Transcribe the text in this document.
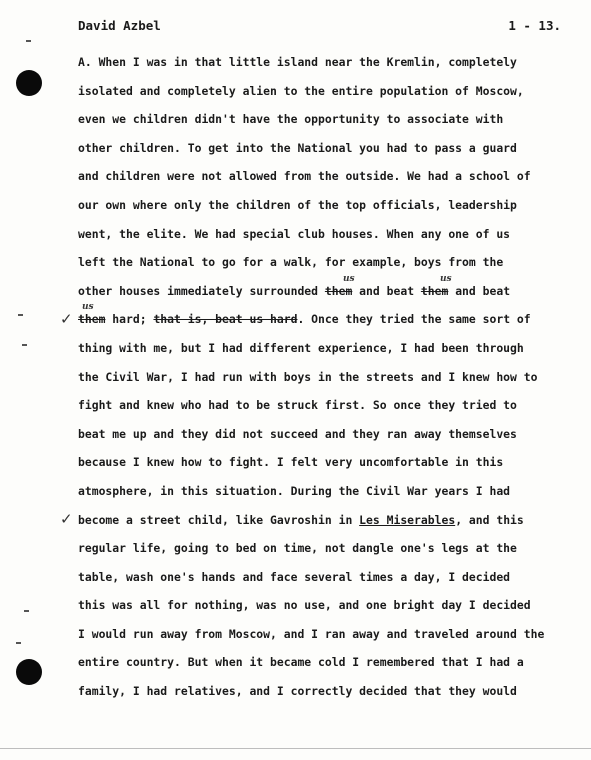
David Azbel	1 - 13.
✓
✓
A. When I was in that little island near the Kremlin, completely
isolated and completely alien to the entire population of Moscow,
even we children didn't have the opportunity to associate with
other children. To get into the National you had to pass a guard
and children were not allowed from the outside. We had a school of
our own where only the children of the top officials, leadership
went, the elite. We had special club houses. When any one of us
left the National to go for a walk, for example, boys from the
other houses immediately surrounded them and beat them and beat
us	us
them hard; that is, beat us hard. Once they tried the same sort of
us
thing with me, but I had different experience, I had been through
the Civil War, I had run with boys in the streets and I knew how to
fight and knew who had to be struck first. So once they tried to
beat me up and they did not succeed and they ran away themselves
because I knew how to fight. I felt very uncomfortable in this
atmosphere, in this situation. During the Civil War years I had
become a street child, like Gavroshin in Les Miserables, and this
regular life, going to bed on time, not dangle one's legs at the
table, wash one's hands and face several times a day, I decided
this was all for nothing, was no use, and one bright day I decided
I would run away from Moscow, and I ran away and traveled around the
entire country. But when it became cold I remembered that I had a
family, I had relatives, and I correctly decided that they would
